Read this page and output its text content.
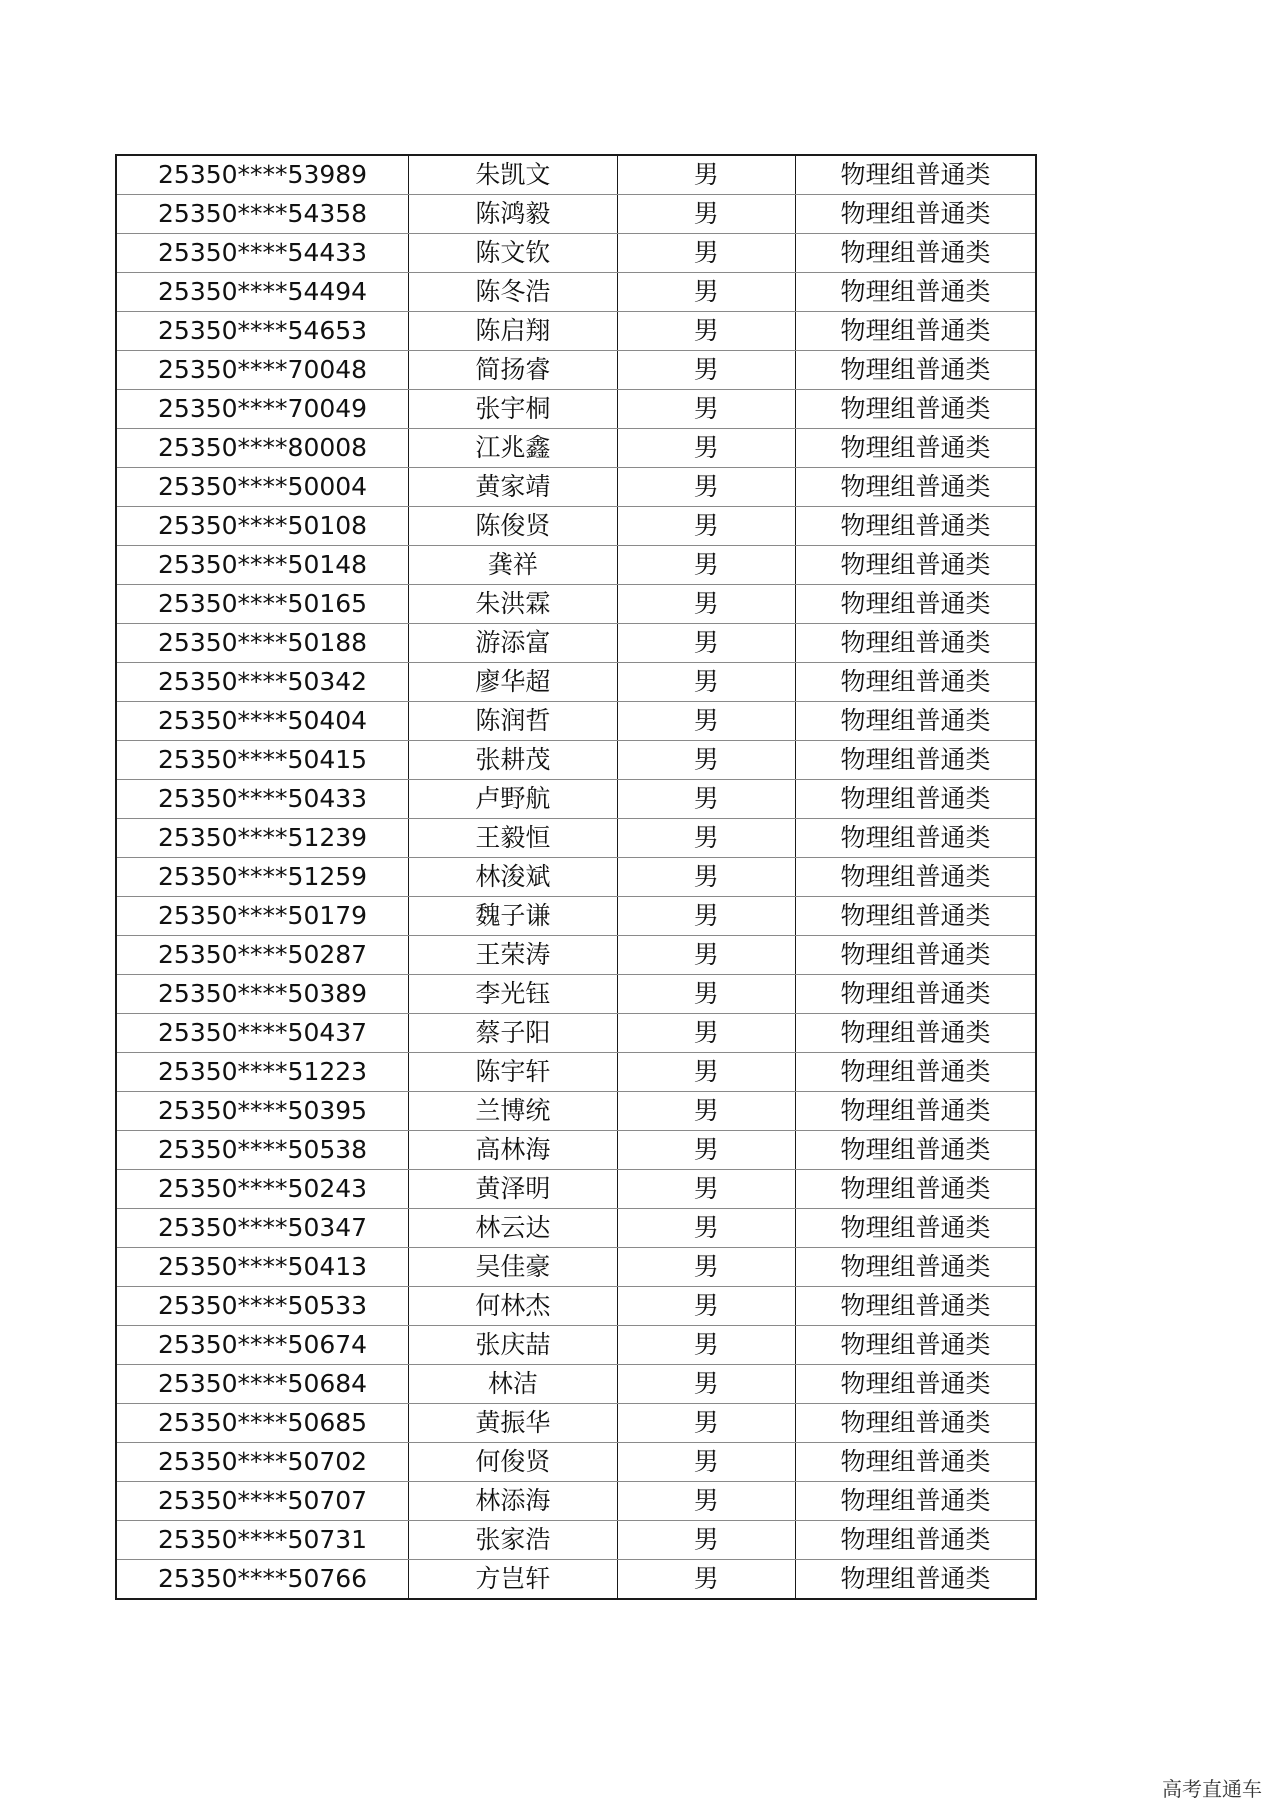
25350****53989	朱凯文	男	物理组普通类
25350****54358	陈鸿毅	男	物理组普通类
25350****54433	陈文钦	男	物理组普通类
25350****54494	陈冬浩	男	物理组普通类
25350****54653	陈启翔	男	物理组普通类
25350****70048	简扬睿	男	物理组普通类
25350****70049	张宇桐	男	物理组普通类
25350****80008	江兆鑫	男	物理组普通类
25350****50004	黄家靖	男	物理组普通类
25350****50108	陈俊贤	男	物理组普通类
25350****50148	龚祥	男	物理组普通类
25350****50165	朱洪霖	男	物理组普通类
25350****50188	游添富	男	物理组普通类
25350****50342	廖华超	男	物理组普通类
25350****50404	陈润哲	男	物理组普通类
25350****50415	张耕茂	男	物理组普通类
25350****50433	卢野航	男	物理组普通类
25350****51239	王毅恒	男	物理组普通类
25350****51259	林浚斌	男	物理组普通类
25350****50179	魏子谦	男	物理组普通类
25350****50287	王荣涛	男	物理组普通类
25350****50389	李光钰	男	物理组普通类
25350****50437	蔡子阳	男	物理组普通类
25350****51223	陈宇轩	男	物理组普通类
25350****50395	兰博统	男	物理组普通类
25350****50538	高林海	男	物理组普通类
25350****50243	黄泽明	男	物理组普通类
25350****50347	林云达	男	物理组普通类
25350****50413	吴佳豪	男	物理组普通类
25350****50533	何林杰	男	物理组普通类
25350****50674	张庆喆	男	物理组普通类
25350****50684	林洁	男	物理组普通类
25350****50685	黄振华	男	物理组普通类
25350****50702	何俊贤	男	物理组普通类
25350****50707	林添海	男	物理组普通类
25350****50731	张家浩	男	物理组普通类
25350****50766	方岂轩	男	物理组普通类
高考直通车
